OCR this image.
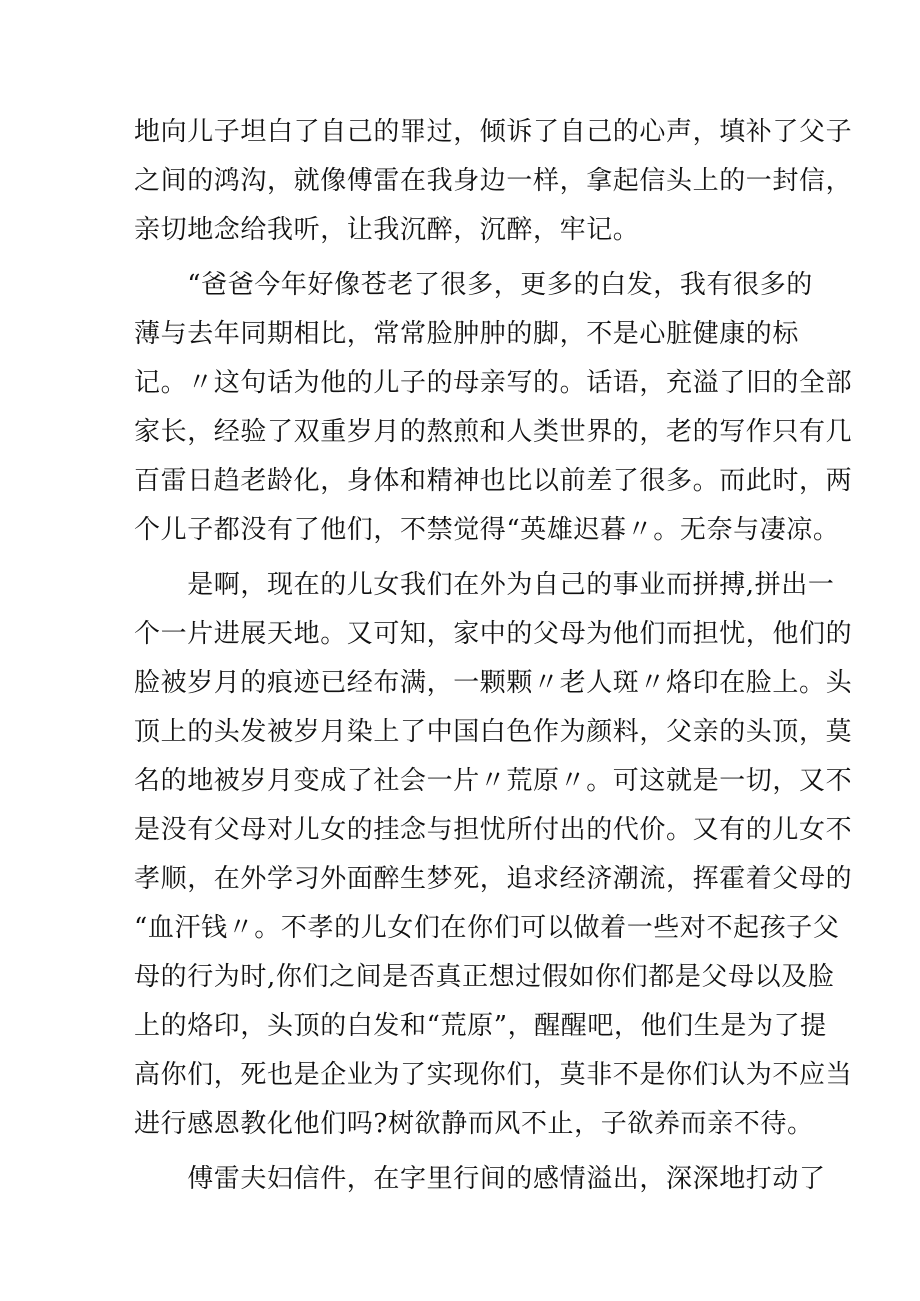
地向儿子坦白了自己的罪过，倾诉了自己的心声，填补了父子
之间的鸿沟，就像傅雷在我身边一样，拿起信头上的一封信，
亲切地念给我听，让我沉醉，沉醉，牢记。
　　“爸爸今年好像苍老了很多，更多的白发，我有很多的
薄与去年同期相比，常常脸肿肿的脚，不是心脏健康的标
记。〃这句话为他的儿子的母亲写的。话语，充溢了旧的全部
家长，经验了双重岁月的熬煎和人类世界的，老的写作只有几
百雷日趋老龄化，身体和精神也比以前差了很多。而此时，两
个儿子都没有了他们，不禁觉得“英雄迟暮〃。无奈与凄凉。
　　是啊，现在的儿女我们在外为自己的事业而拼搏,拼出一
个一片进展天地。又可知，家中的父母为他们而担忧，他们的
脸被岁月的痕迹已经布满，一颗颗〃老人斑〃烙印在脸上。头
顶上的头发被岁月染上了中国白色作为颜料，父亲的头顶，莫
名的地被岁月变成了社会一片〃荒原〃。可这就是一切，又不
是没有父母对儿女的挂念与担忧所付出的代价。又有的儿女不
孝顺，在外学习外面醉生梦死，追求经济潮流，挥霍着父母的
“血汗钱〃。不孝的儿女们在你们可以做着一些对不起孩子父
母的行为时,你们之间是否真正想过假如你们都是父母以及脸
上的烙印，头顶的白发和“荒原”，醒醒吧，他们生是为了提
高你们，死也是企业为了实现你们，莫非不是你们认为不应当
进行感恩教化他们吗?树欲静而风不止，子欲养而亲不待。
　　傅雷夫妇信件，在字里行间的感情溢出，深深地打动了
